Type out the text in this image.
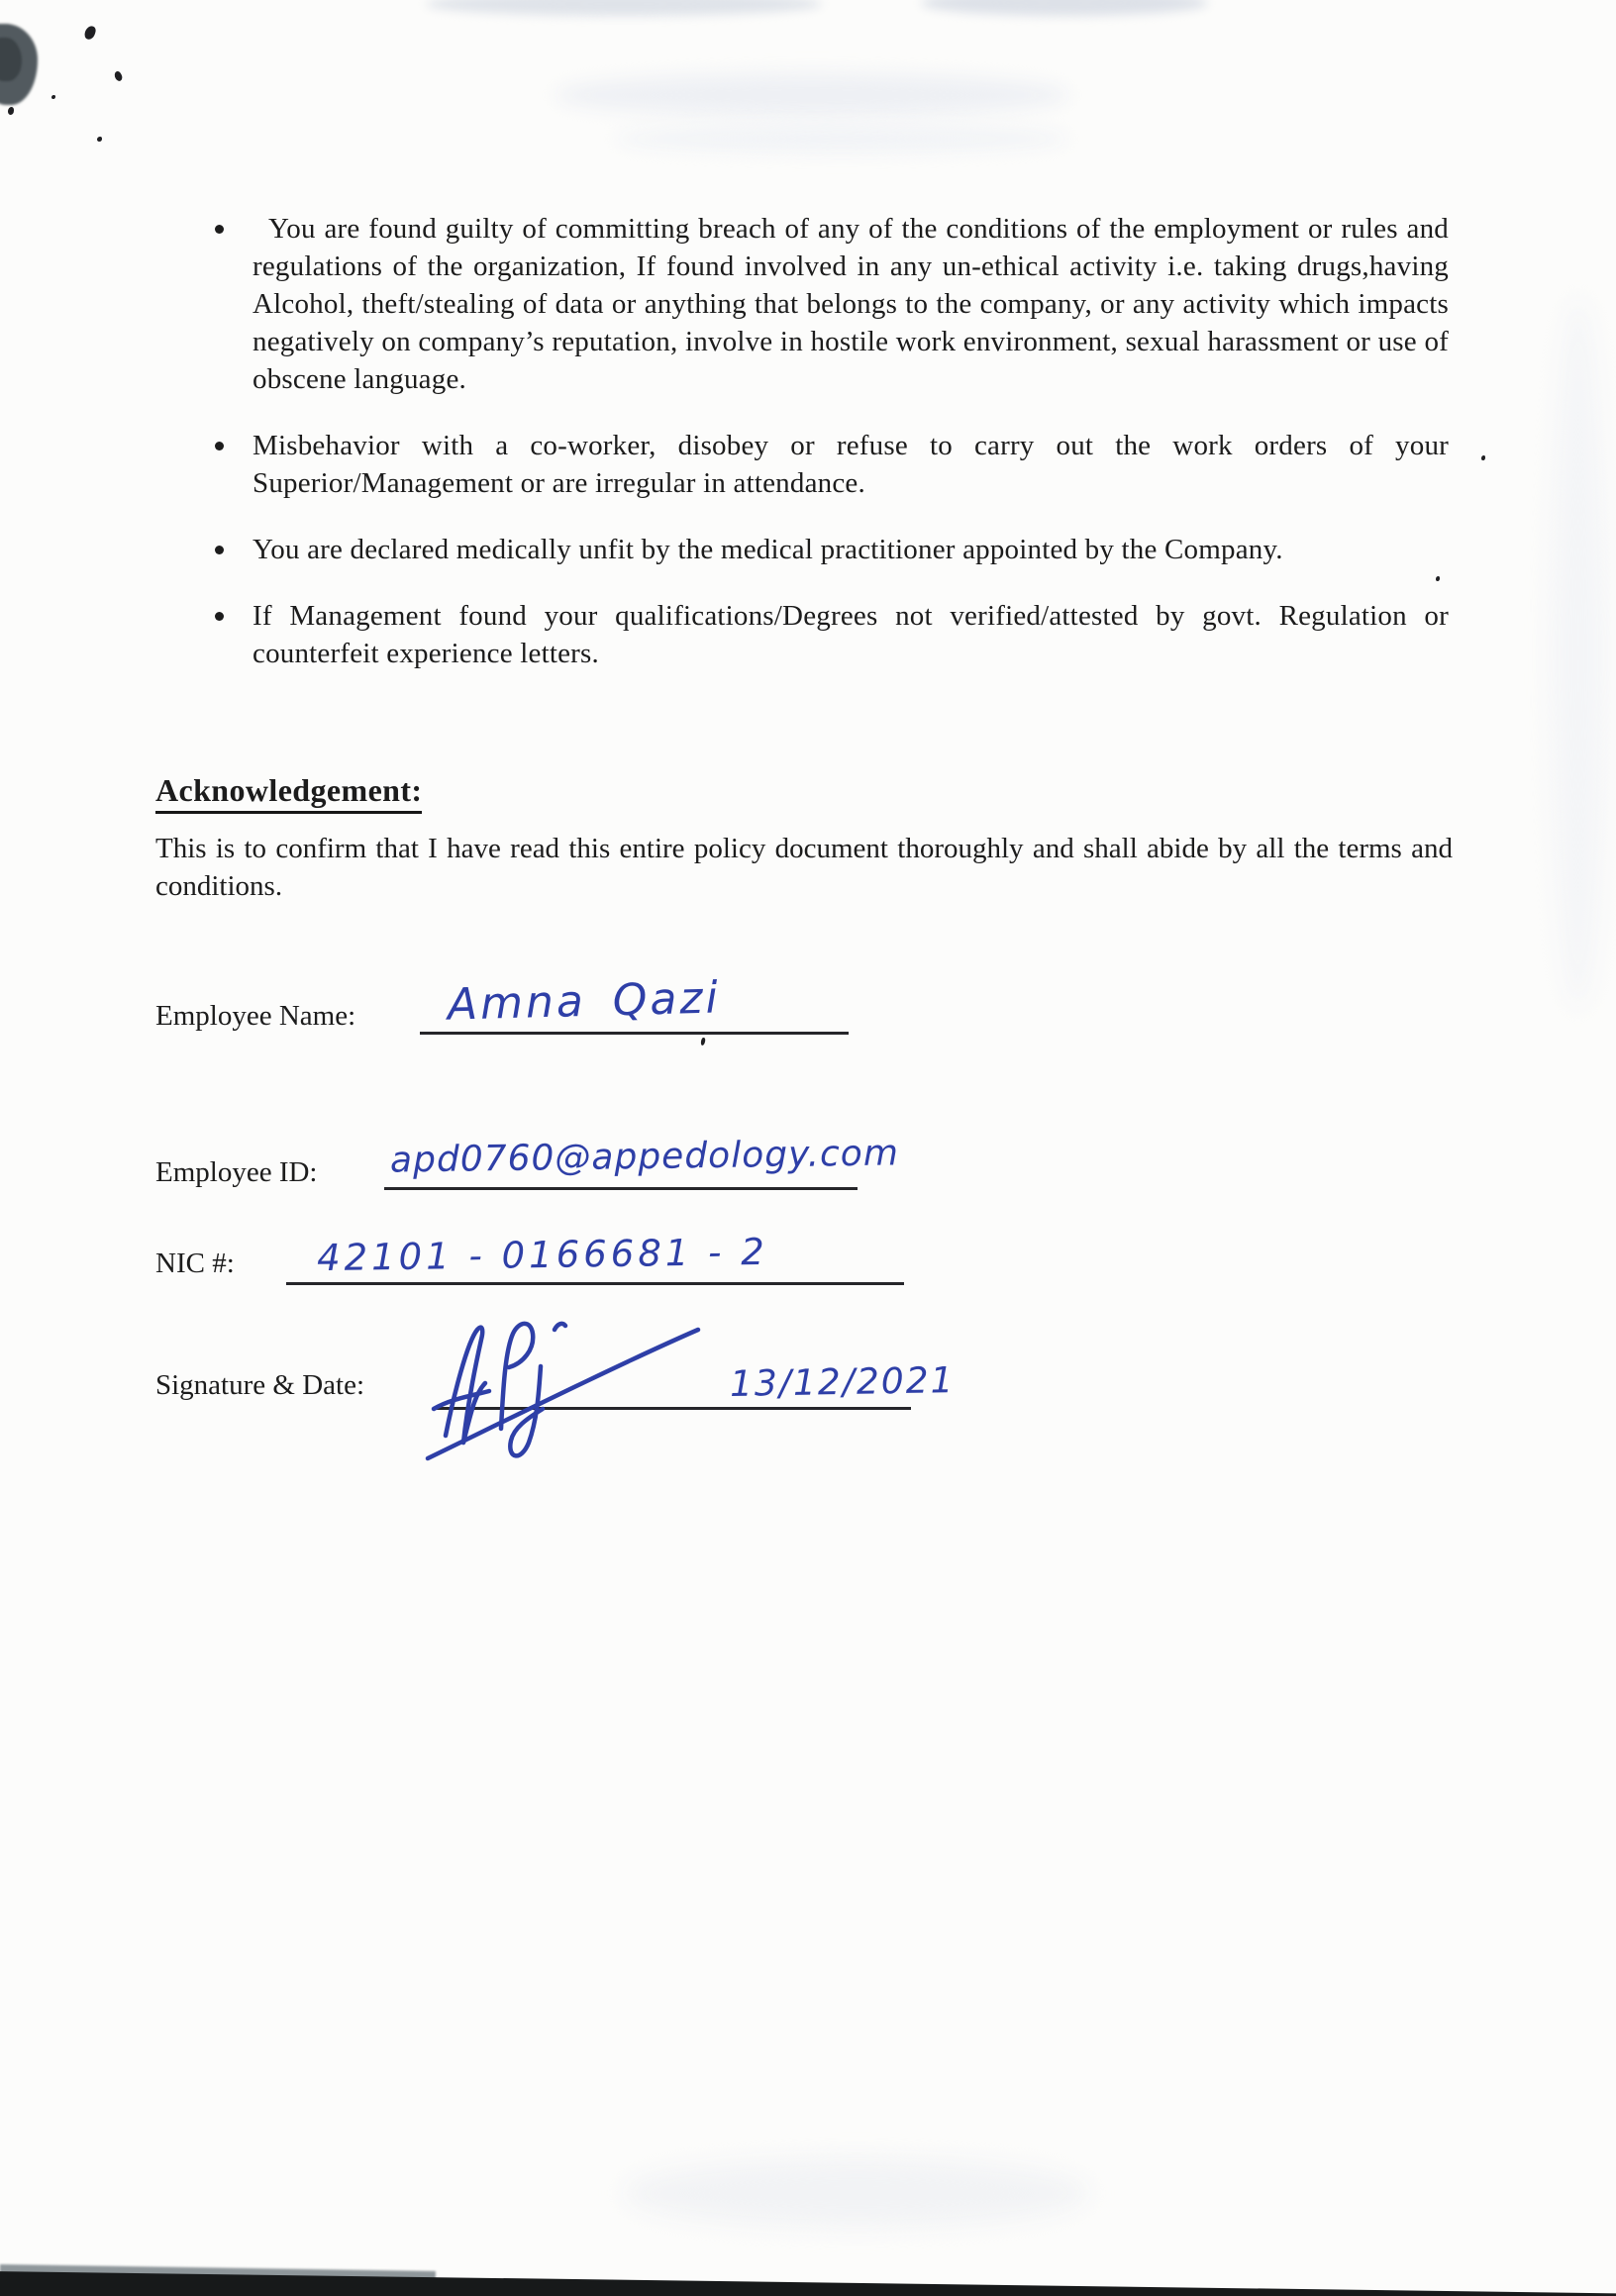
You are found guilty of committing breach of any of the conditions of the employment or rules and regulations of the organization, If found involved in any un-ethical activity i.e. taking drugs,having Alcohol, theft/stealing of data or anything that belongs to the company, or any activity which impacts negatively on company’s reputation, involve in hostile work environment, sexual harassment or use of obscene language.
Misbehavior with a co-worker, disobey or refuse to carry out the work orders of your Superior/Management or are irregular in attendance.
You are declared medically unfit by the medical practitioner appointed by the Company.
If Management found your qualifications/Degrees not verified/attested by govt. Regulation or counterfeit experience letters.
Acknowledgement:
This is to confirm that I have read this entire policy document thoroughly and shall abide by all the terms and conditions.
Employee Name: Amna Qazi
Employee ID: apd0760@appedology.com
NIC #: 42101 - 0166681 - 2
Signature & Date:	13/12/2021
